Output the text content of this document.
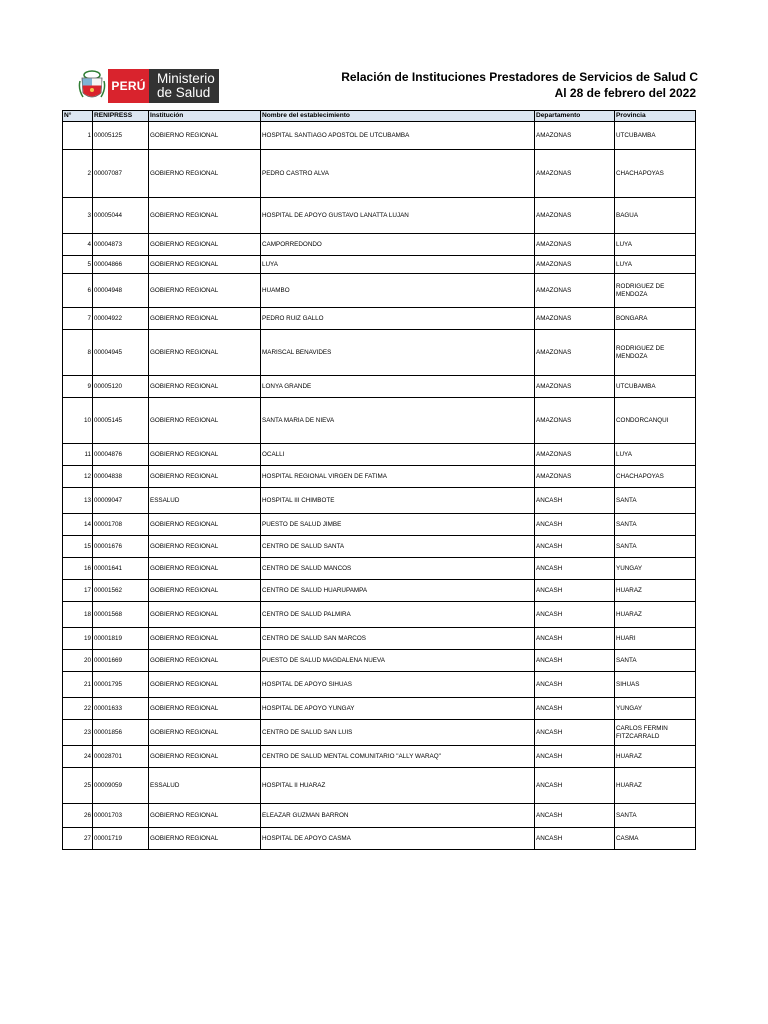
PERÚ Ministerio
de Salud
Relación de Instituciones Prestadores de Servicios de Salud C
Al 28 de febrero del 2022
N°	RENIPRESS	Institución	Nombre del establecimiento	Departamento	Provincia
1	00005125	GOBIERNO REGIONAL	HOSPITAL SANTIAGO APOSTOL DE UTCUBAMBA	AMAZONAS	UTCUBAMBA
2	00007087	GOBIERNO REGIONAL	PEDRO CASTRO ALVA	AMAZONAS	CHACHAPOYAS
3	00005044	GOBIERNO REGIONAL	HOSPITAL DE APOYO GUSTAVO LANATTA LUJAN	AMAZONAS	BAGUA
4	00004873	GOBIERNO REGIONAL	CAMPORREDONDO	AMAZONAS	LUYA
5	00004866	GOBIERNO REGIONAL	LUYA	AMAZONAS	LUYA
6	00004948	GOBIERNO REGIONAL	HUAMBO	AMAZONAS	RODRIGUEZ DE MENDOZA
7	00004922	GOBIERNO REGIONAL	PEDRO RUIZ GALLO	AMAZONAS	BONGARA
8	00004945	GOBIERNO REGIONAL	MARISCAL BENAVIDES	AMAZONAS	RODRIGUEZ DE MENDOZA
9	00005120	GOBIERNO REGIONAL	LONYA GRANDE	AMAZONAS	UTCUBAMBA
10	00005145	GOBIERNO REGIONAL	SANTA MARIA DE NIEVA	AMAZONAS	CONDORCANQUI
11	00004876	GOBIERNO REGIONAL	OCALLI	AMAZONAS	LUYA
12	00004838	GOBIERNO REGIONAL	HOSPITAL REGIONAL VIRGEN DE FATIMA	AMAZONAS	CHACHAPOYAS
13	00009047	ESSALUD	HOSPITAL III CHIMBOTE	ANCASH	SANTA
14	00001708	GOBIERNO REGIONAL	PUESTO DE SALUD JIMBE	ANCASH	SANTA
15	00001676	GOBIERNO REGIONAL	CENTRO DE SALUD SANTA	ANCASH	SANTA
16	00001641	GOBIERNO REGIONAL	CENTRO DE SALUD MANCOS	ANCASH	YUNGAY
17	00001562	GOBIERNO REGIONAL	CENTRO DE SALUD HUARUPAMPA	ANCASH	HUARAZ
18	00001568	GOBIERNO REGIONAL	CENTRO DE SALUD PALMIRA	ANCASH	HUARAZ
19	00001819	GOBIERNO REGIONAL	CENTRO DE SALUD SAN MARCOS	ANCASH	HUARI
20	00001669	GOBIERNO REGIONAL	PUESTO DE SALUD MAGDALENA NUEVA	ANCASH	SANTA
21	00001795	GOBIERNO REGIONAL	HOSPITAL DE APOYO SIHUAS	ANCASH	SIHUAS
22	00001633	GOBIERNO REGIONAL	HOSPITAL DE APOYO YUNGAY	ANCASH	YUNGAY
23	00001856	GOBIERNO REGIONAL	CENTRO DE SALUD SAN LUIS	ANCASH	CARLOS FERMIN FITZCARRALD
24	00028701	GOBIERNO REGIONAL	CENTRO DE SALUD MENTAL COMUNITARIO "ALLY WARAQ"	ANCASH	HUARAZ
25	00009059	ESSALUD	HOSPITAL II HUARAZ	ANCASH	HUARAZ
26	00001703	GOBIERNO REGIONAL	ELEAZAR GUZMAN BARRON	ANCASH	SANTA
27	00001719	GOBIERNO REGIONAL	HOSPITAL DE APOYO CASMA	ANCASH	CASMA
